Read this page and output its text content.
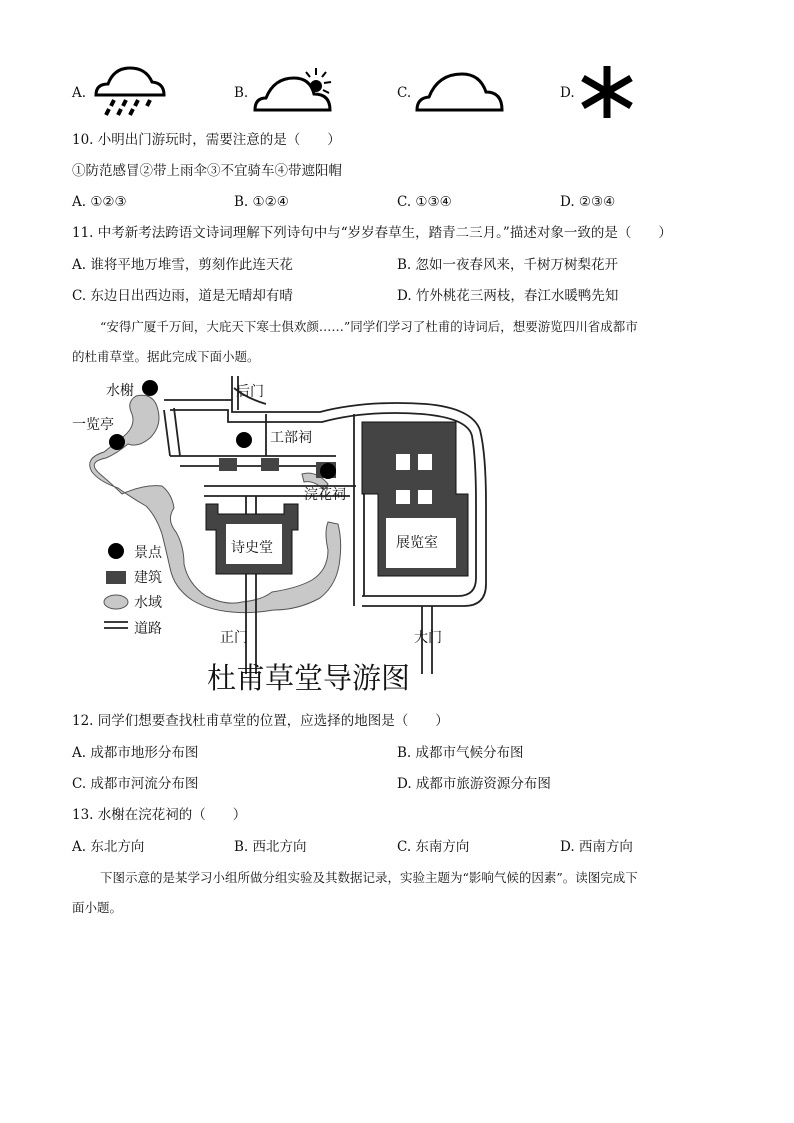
A.	B.	C.	D.
10. 小明出门游玩时，需要注意的是（　　）
①防范感冒②带上雨伞③不宜骑车④带遮阳帽
A. ①②③	B. ①②④	C. ①③④	D. ②③④
11. 中考新考法跨语文诗词理解下列诗句中与“岁岁春草生，踏青二三月。”描述对象一致的是（　　）
A. 谁将平地万堆雪，剪刻作此连天花	B. 忽如一夜春风来，千树万树梨花开
C. 东边日出西边雨，道是无晴却有晴	D. 竹外桃花三两枝，春江水暖鸭先知
“安得广厦千万间，大庇天下寒士俱欢颜……”同学们学习了杜甫的诗词后，想要游览四川省成都市
的杜甫草堂。据此完成下面小题。
水榭	后门
一览亭
工部祠
浣花祠
诗史堂	展览室
正门	大门
景点
建筑
水域
道路
杜甫草堂导游图
12. 同学们想要查找杜甫草堂的位置，应选择的地图是（　　）
A. 成都市地形分布图	B. 成都市气候分布图
C. 成都市河流分布图	D. 成都市旅游资源分布图
13. 水榭在浣花祠的（　　）
A. 东北方向	B. 西北方向	C. 东南方向	D. 西南方向
下图示意的是某学习小组所做分组实验及其数据记录，实验主题为“影响气候的因素”。读图完成下
面小题。
